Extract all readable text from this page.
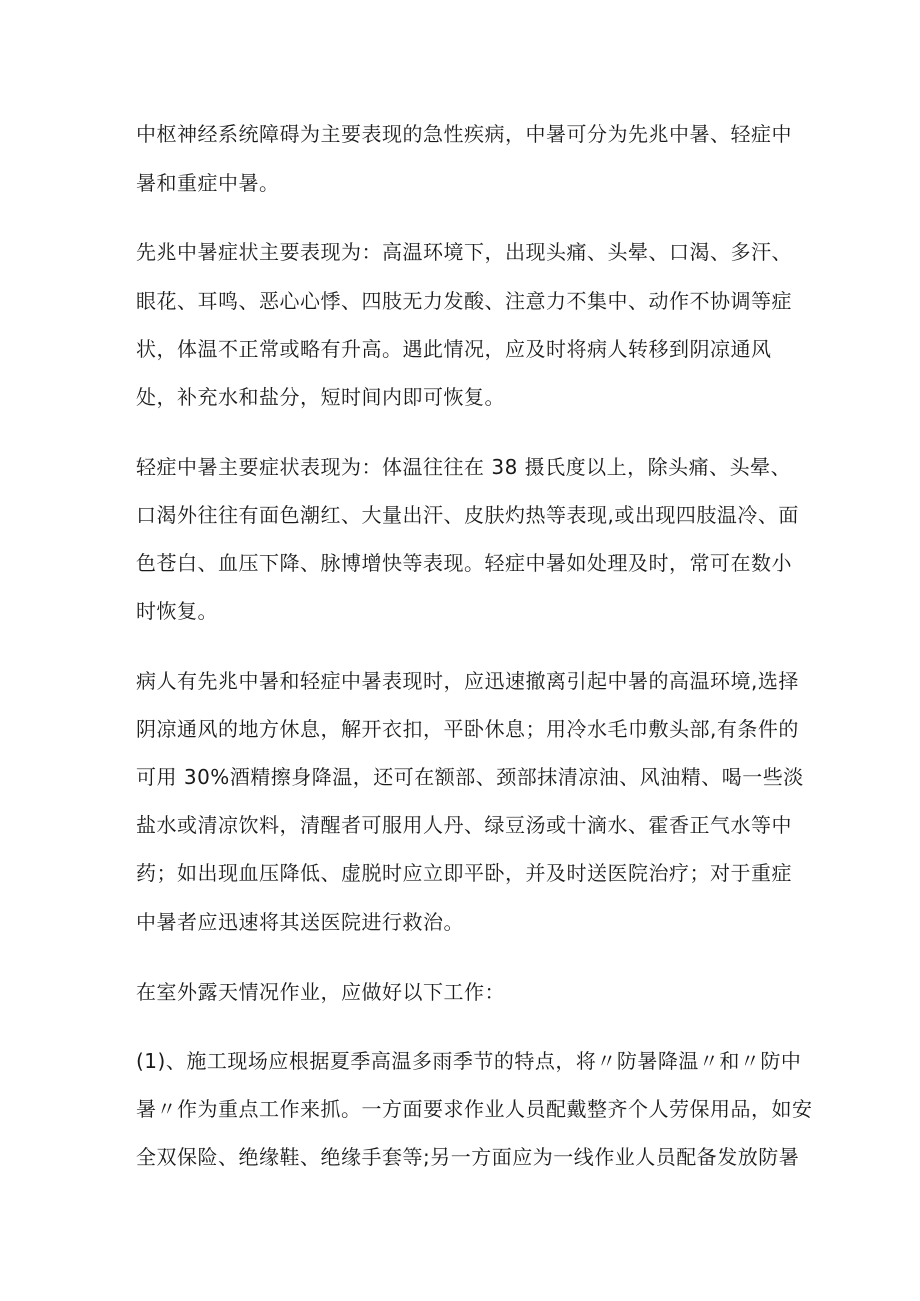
中枢神经系统障碍为主要表现的急性疾病，中暑可分为先兆中暑、轻症中

暑和重症中暑。

先兆中暑症状主要表现为：高温环境下，出现头痛、头晕、口渴、多汗、

眼花、耳鸣、恶心心悸、四肢无力发酸、注意力不集中、动作不协调等症

状，体温不正常或略有升高。遇此情况，应及时将病人转移到阴凉通风

处，补充水和盐分，短时间内即可恢复。

轻症中暑主要症状表现为：体温往往在 38 摄氏度以上，除头痛、头晕、

口渴外往往有面色潮红、大量出汗、皮肤灼热等表现,或出现四肢温冷、面

色苍白、血压下降、脉博增快等表现。轻症中暑如处理及时，常可在数小

时恢复。

病人有先兆中暑和轻症中暑表现时，应迅速撤离引起中暑的高温环境,选择

阴凉通风的地方休息，解开衣扣，平卧休息；用冷水毛巾敷头部,有条件的

可用 30%酒精擦身降温，还可在额部、颈部抹清凉油、风油精、喝一些淡

盐水或清凉饮料，清醒者可服用人丹、绿豆汤或十滴水、霍香正气水等中

药；如出现血压降低、虚脱时应立即平卧，并及时送医院治疗；对于重症

中暑者应迅速将其送医院进行救治。

在室外露天情况作业，应做好以下工作：

(1)、施工现场应根据夏季高温多雨季节的特点，将〃防暑降温〃和〃防中

暑〃作为重点工作来抓。一方面要求作业人员配戴整齐个人劳保用品，如安

全双保险、绝缘鞋、绝缘手套等;另一方面应为一线作业人员配备发放防暑
